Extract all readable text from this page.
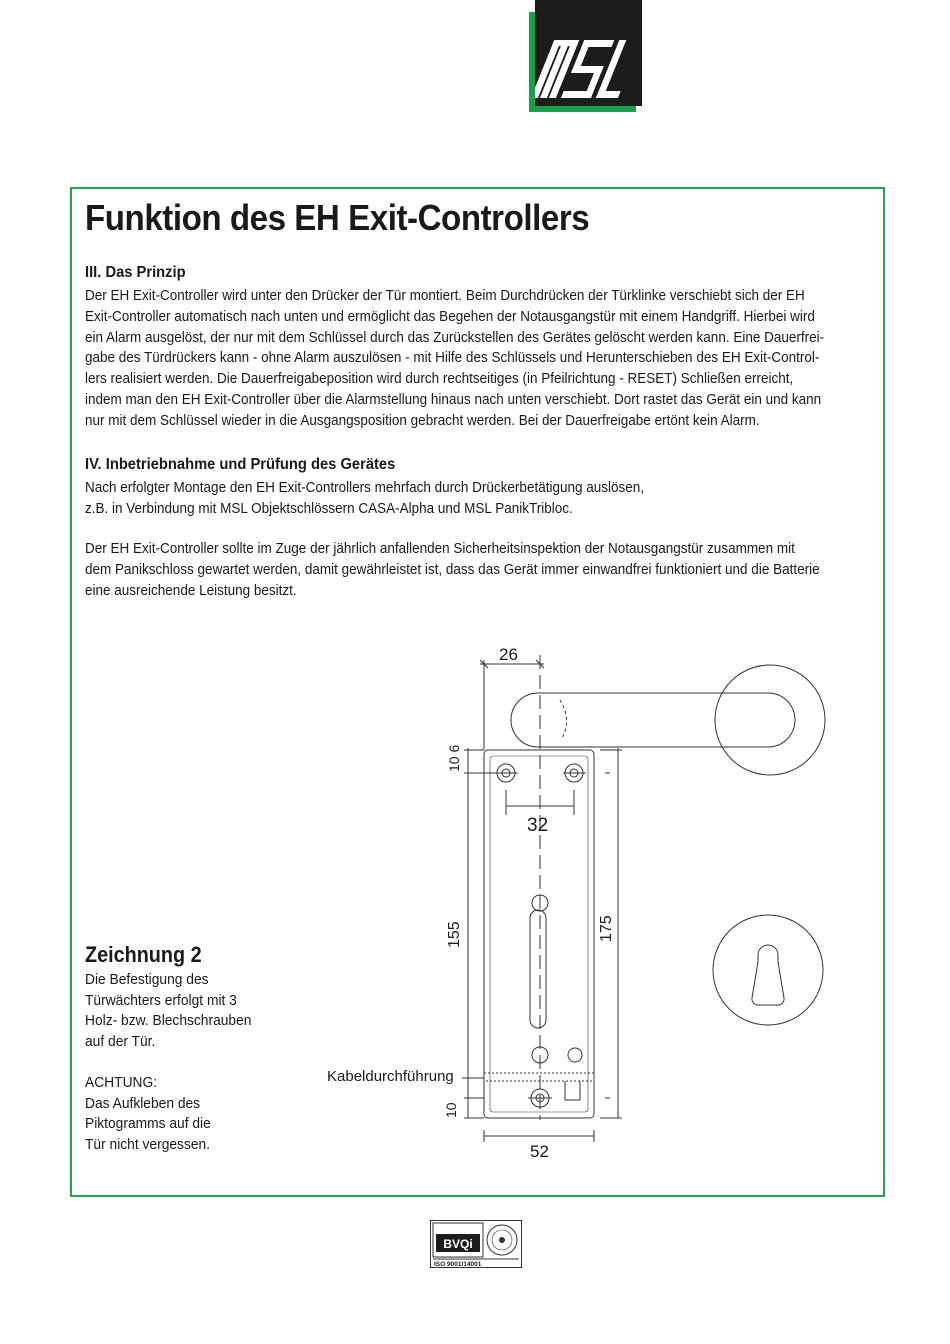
Funktion des EH Exit-Controllers
III. Das Prinzip
Der EH Exit-Controller wird unter den Drücker der Tür montiert. Beim Durchdrücken der Türklinke verschiebt sich der EH
Exit-Controller automatisch nach unten und ermöglicht das Begehen der Notausgangstür mit einem Handgriff. Hierbei wird
ein Alarm ausgelöst, der nur mit dem Schlüssel durch das Zurückstellen des Gerätes gelöscht werden kann. Eine Dauerfrei-
gabe des Türdrückers kann - ohne Alarm auszulösen - mit Hilfe des Schlüssels und Herunterschieben des EH Exit-Control-
lers realisiert werden. Die Dauerfreigabeposition wird durch rechtseitiges (in Pfeilrichtung - RESET) Schließen erreicht,
indem man den EH Exit-Controller über die Alarmstellung hinaus nach unten verschiebt. Dort rastet das Gerät ein und kann
nur mit dem Schlüssel wieder in die Ausgangsposition gebracht werden. Bei der Dauerfreigabe ertönt kein Alarm.
IV. Inbetriebnahme und Prüfung des Gerätes
Nach erfolgter Montage den EH Exit-Controllers mehrfach durch Drückerbetätigung auslösen,
z.B. in Verbindung mit MSL Objektschlössern CASA-Alpha und MSL PanikTribloc.
Der EH Exit-Controller sollte im Zuge der jährlich anfallenden Sicherheitsinspektion der Notausgangstür zusammen mit
dem Panikschloss gewartet werden, damit gewährleistet ist, dass das Gerät immer einwandfrei funktioniert und die Batterie
eine ausreichende Leistung besitzt.
Zeichnung 2
Die Befestigung des
Türwächters erfolgt mit 3
Holz- bzw. Blechschrauben
auf der Tür.
ACHTUNG:
Das Aufkleben des
Piktogramms auf die
Tür nicht vergessen.
26
32
52
10 6
155	175
10
Kabeldurchführung
BVQi
ISO 9001/14001
